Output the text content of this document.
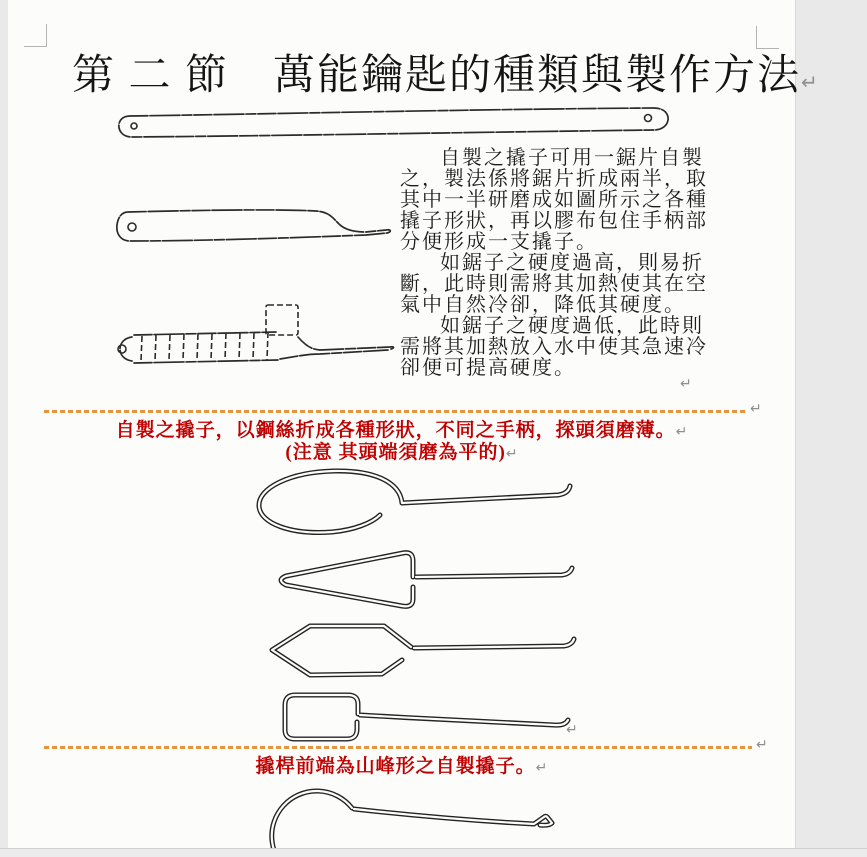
第 二 節　萬能鑰匙的種類與製作方法↵
自製之撬子可用一鋸片自製
之，製法係將鋸片折成兩半，取
其中一半研磨成如圖所示之各種
撬子形狀，再以膠布包住手柄部
分便形成一支撬子。
如鋸子之硬度過高，則易折
斷，此時則需將其加熱使其在空
氣中自然冷卻，降低其硬度。
如鋸子之硬度過低，此時則
需將其加熱放入水中使其急速冷
卻便可提高硬度。
↵
↵
自製之撬子，以鋼絲折成各種形狀，不同之手柄，探頭須磨薄。↵
(注意 其頭端須磨為平的)↵
↵
↵
撬桿前端為山峰形之自製撬子。↵
